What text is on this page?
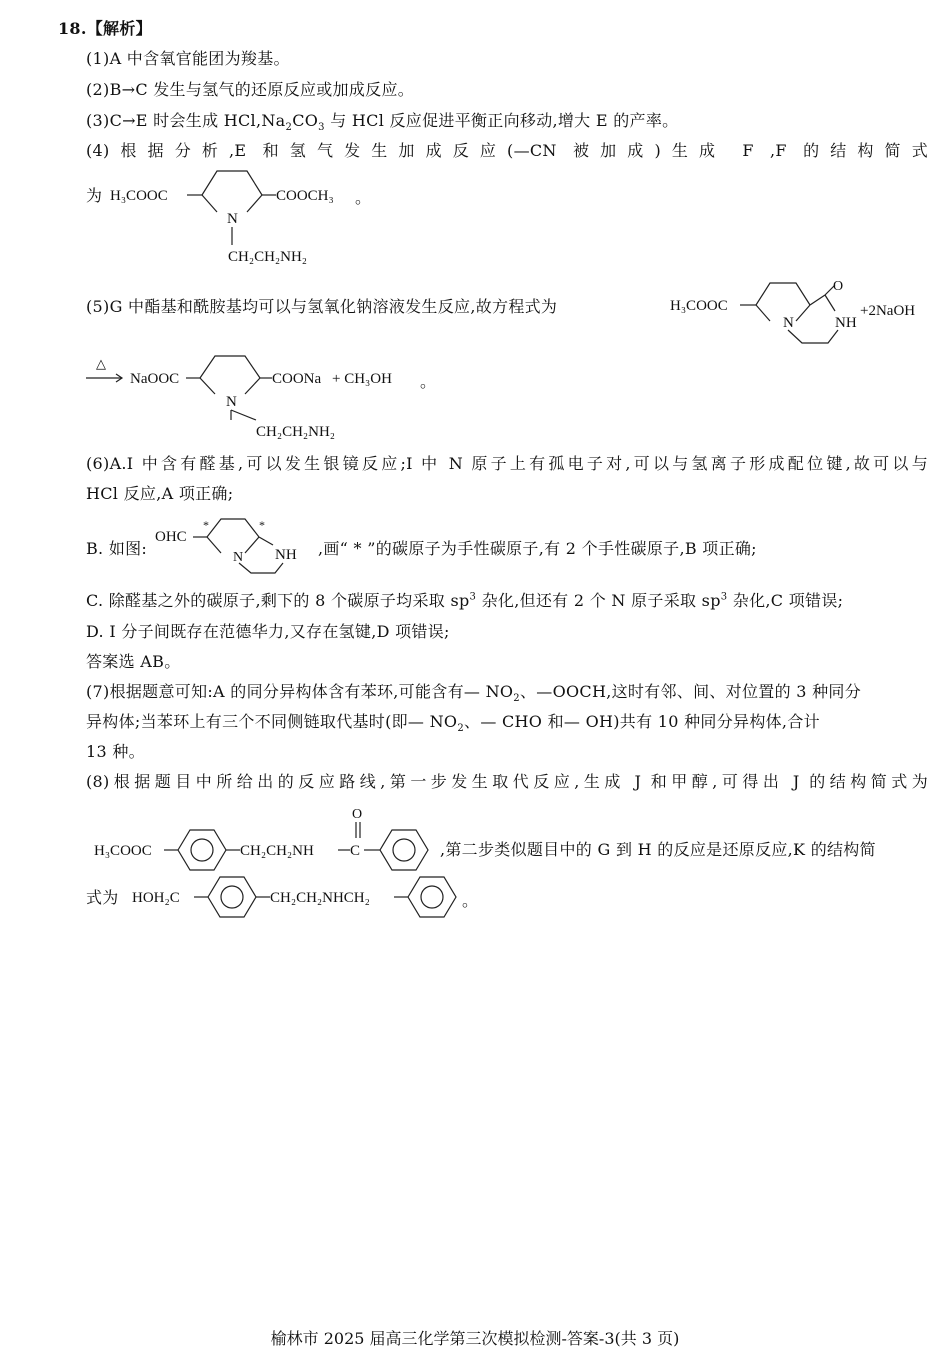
18.【解析】
(1)A 中含氧官能团为羧基。
(2)B→C 发生与氢气的还原反应或加成反应。
(3)C→E 时会生成 $HCl,Na_2CO_3$ 与 HCl 反应促进平衡正向移动,增大 E 的产率。
(4)根据分析,E 和氢气发生加成反应(—CN 被加成)生成 F ,F 的结构简式
为 H₃COOC
N
COOCH₃
CH₂CH₂NH₂
。
(5)G 中酯基和酰胺基均可以与氢氧化钠溶液发生反应,故方程式为	H₃COOC
N
O
NH
+2NaOH
△
NaOOC
N
COONa + CH₃OH
CH₂CH₂NH₂
。
(6)A.I 中含有醛基,可以发生银镜反应;I 中 N 原子上有孤电子对,可以与氢离子形成配位键,故可以与
HCl 反应,A 项正确;
B. 如图:
OHC
*	*
N NH ,画“ * ”的碳原子为手性碳原子,有 2 个手性碳原子,B 项正确;
C. 除醛基之外的碳原子,剩下的 8 个碳原子均采取 $sp^3$ 杂化,但还有 2 个 N 原子采取 $sp^3$ 杂化,C 项错误;
D. I 分子间既存在范德华力,又存在氢键,D 项错误;
答案选 AB。
(7)根据题意可知:A 的同分异构体含有苯环,可能含有— $NO_2$、—OOCH,这时有邻、间、对位置的 3 种同分
异构体;当苯环上有三个不同侧链取代基时(即— $NO_2$、— CHO 和— OH)共有 10 种同分异构体,合计
13 种。
(8)根据题目中所给出的反应路线,第一步发生取代反应,生成 J 和甲醇,可得出 J 的结构简式为
H₃COOC	CH₂CH₂NH C
O
,第二步类似题目中的 G 到 H 的反应是还原反应,K 的结构简
式为 HOH₂C	CH₂CH₂NHCH₂	。
榆林市 2025 届高三化学第三次模拟检测-答案-3(共 3 页)
